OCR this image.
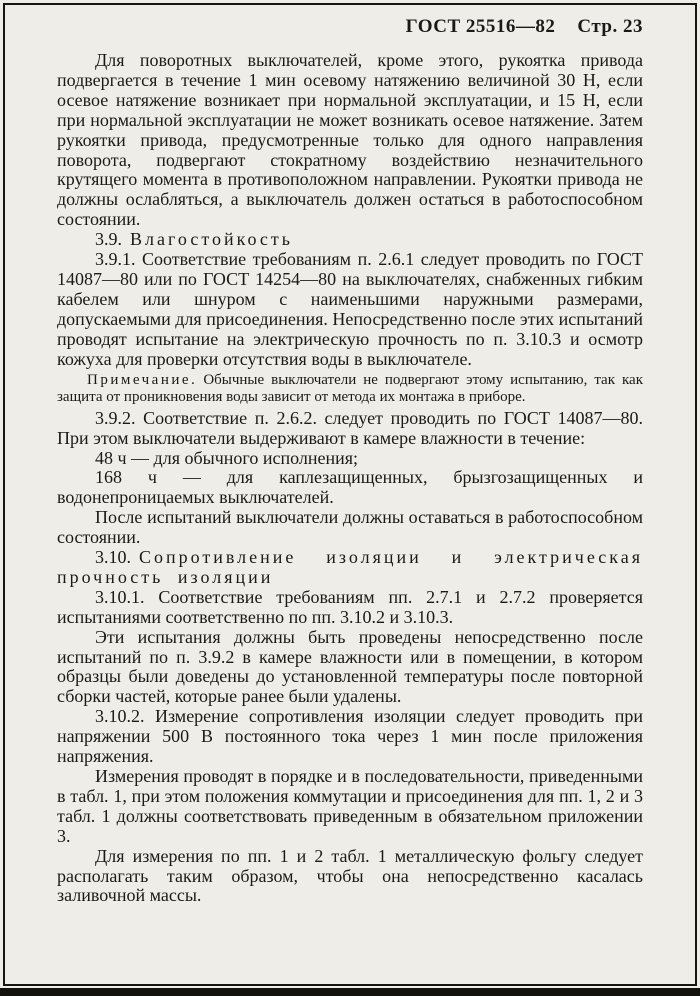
ГОСТ 25516—82 Стр. 23

Для поворотных выключателей, кроме этого, рукоятка привода подвергается в течение 1 мин осевому натяжению величиной 30 Н, если осевое натяжение возникает при нормальной эксплуатации, и 15 Н, если при нормальной эксплуатации не может возникать осевое натяжение. Затем рукоятки привода, предусмотренные только для одного направления поворота, подвергают стократному воздействию незначительного крутящего момента в противоположном направлении. Рукоятки привода не должны ослабляться, а выключатель должен остаться в работоспособном состоянии.

3.9. Влагостойкость

3.9.1. Соответствие требованиям п. 2.6.1 следует проводить по ГОСТ 14087—80 или по ГОСТ 14254—80 на выключателях, снабженных гибким кабелем или шнуром с наименьшими наружными размерами, допускаемыми для присоединения. Непосредственно после этих испытаний проводят испытание на электрическую прочность по п. 3.10.3 и осмотр кожуха для проверки отсутствия воды в выключателе.

Примечание. Обычные выключатели не подвергают этому испытанию, так как защита от проникновения воды зависит от метода их монтажа в приборе.

3.9.2. Соответствие п. 2.6.2. следует проводить по ГОСТ 14087—80. При этом выключатели выдерживают в камере влажности в течение:

48 ч — для обычного исполнения;

168 ч — для каплезащищенных, брызгозащищенных и водонепроницаемых выключателей.

После испытаний выключатели должны оставаться в работоспособном состоянии.

3.10. Сопротивление изоляции и электрическая прочность изоляции

3.10.1. Соответствие требованиям пп. 2.7.1 и 2.7.2 проверяется испытаниями соответственно по пп. 3.10.2 и 3.10.3.

Эти испытания должны быть проведены непосредственно после испытаний по п. 3.9.2 в камере влажности или в помещении, в котором образцы были доведены до установленной температуры после повторной сборки частей, которые ранее были удалены.

3.10.2. Измерение сопротивления изоляции следует проводить при напряжении 500 В постоянного тока через 1 мин после приложения напряжения.

Измерения проводят в порядке и в последовательности, приведенными в табл. 1, при этом положения коммутации и присоединения для пп. 1, 2 и 3 табл. 1 должны соответствовать приведенным в обязательном приложении 3.

Для измерения по пп. 1 и 2 табл. 1 металлическую фольгу следует располагать таким образом, чтобы она непосредственно касалась заливочной массы.
